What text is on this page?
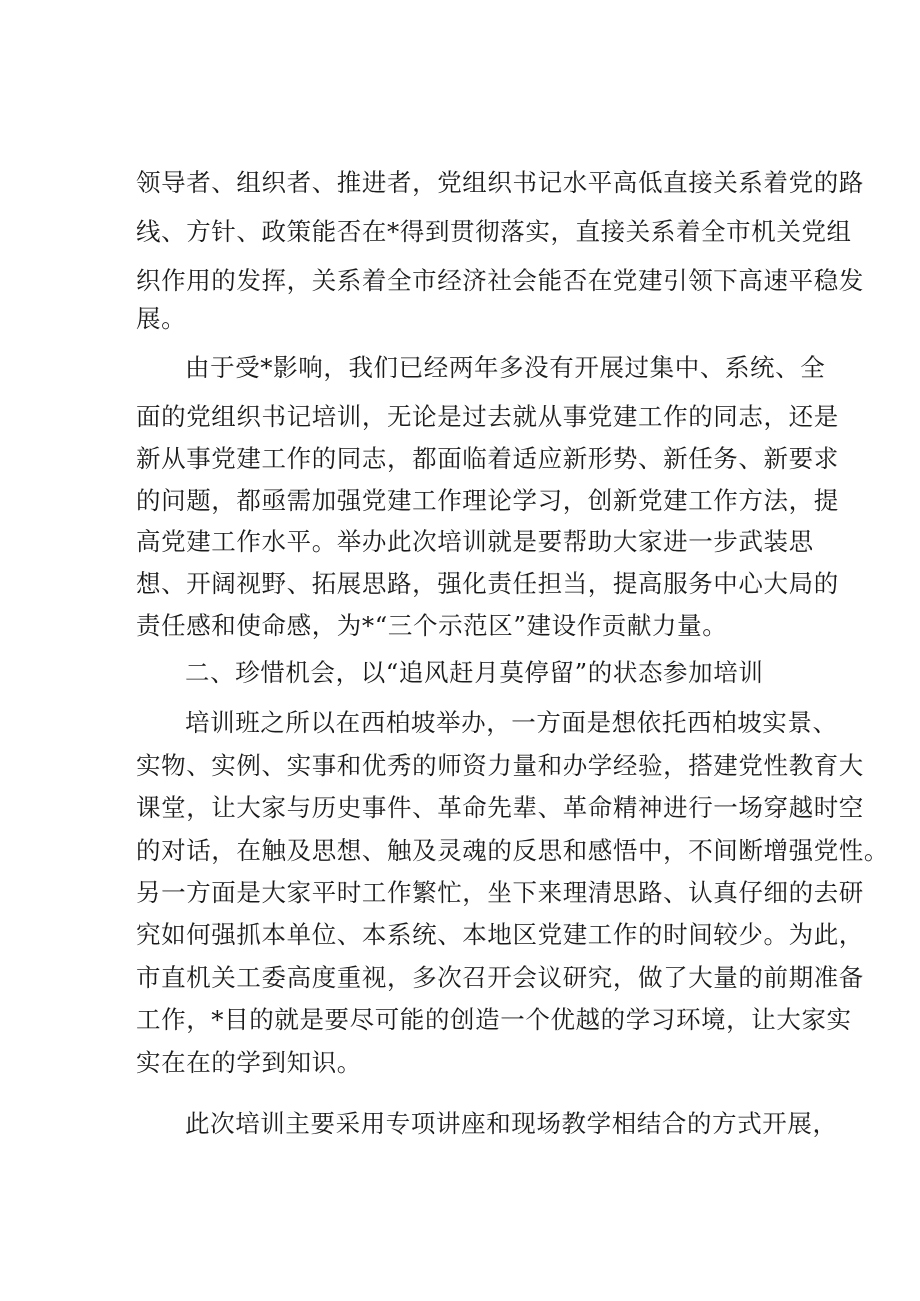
领导者、组织者、推进者，党组织书记水平高低直接关系着党的路
线、方针、政策能否在*得到贯彻落实，直接关系着全市机关党组
织作用的发挥，关系着全市经济社会能否在党建引领下高速平稳发
展。
由于受*影响，我们已经两年多没有开展过集中、系统、全
面的党组织书记培训，无论是过去就从事党建工作的同志，还是
新从事党建工作的同志，都面临着适应新形势、新任务、新要求
的问题，都亟需加强党建工作理论学习，创新党建工作方法，提
高党建工作水平。举办此次培训就是要帮助大家进一步武装思
想、开阔视野、拓展思路，强化责任担当，提高服务中心大局的
责任感和使命感，为*“三个示范区”建设作贡献力量。
二、珍惜机会，以“追风赶月莫停留”的状态参加培训
培训班之所以在西柏坡举办，一方面是想依托西柏坡实景、
实物、实例、实事和优秀的师资力量和办学经验，搭建党性教育大
课堂，让大家与历史事件、革命先辈、革命精神进行一场穿越时空
的对话，在触及思想、触及灵魂的反思和感悟中，不间断增强党性。
另一方面是大家平时工作繁忙，坐下来理清思路、认真仔细的去研
究如何强抓本单位、本系统、本地区党建工作的时间较少。为此，
市直机关工委高度重视，多次召开会议研究，做了大量的前期准备
工作，*目的就是要尽可能的创造一个优越的学习环境，让大家实
实在在的学到知识。
此次培训主要采用专项讲座和现场教学相结合的方式开展，
